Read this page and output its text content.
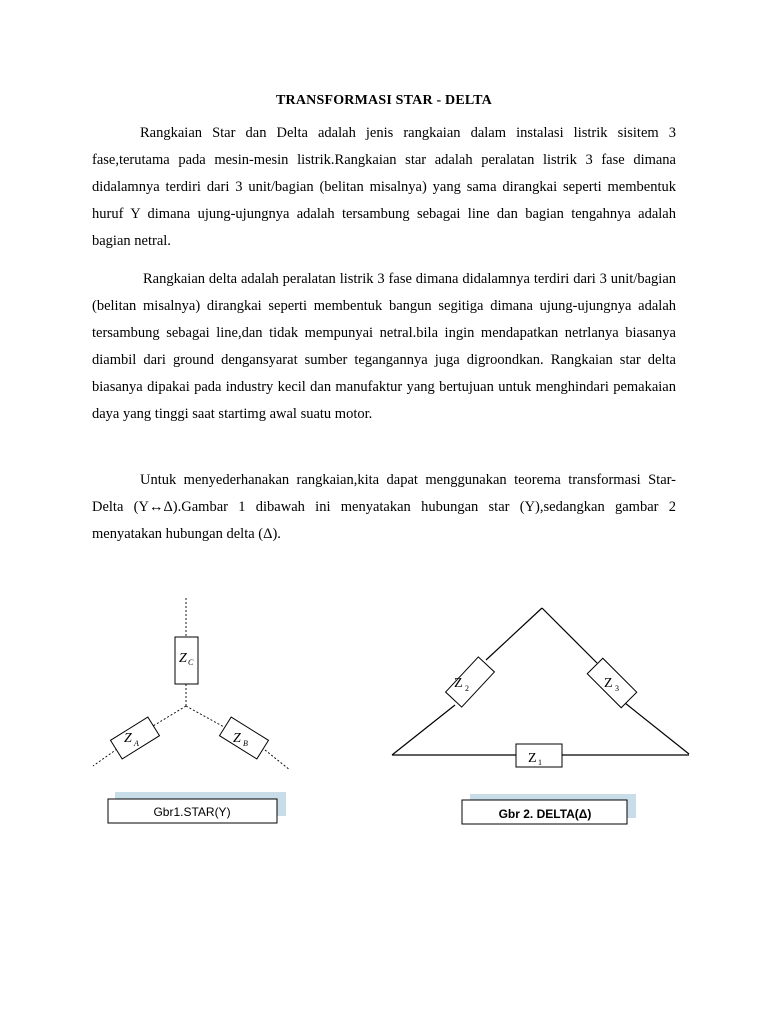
TRANSFORMASI STAR - DELTA

Rangkaian Star dan Delta adalah jenis rangkaian dalam instalasi listrik sisitem 3 fase,terutama pada mesin-mesin listrik.Rangkaian star adalah peralatan listrik 3 fase dimana didalamnya terdiri dari 3 unit/bagian (belitan misalnya) yang sama dirangkai seperti membentuk huruf Y dimana ujung-ujungnya adalah tersambung sebagai line dan bagian tengahnya adalah bagian netral.

Rangkaian delta adalah peralatan listrik 3 fase dimana didalamnya terdiri dari 3 unit/bagian (belitan misalnya) dirangkai seperti membentuk bangun segitiga dimana ujung-ujungnya adalah tersambung sebagai line,dan tidak mempunyai netral.bila ingin mendapatkan netrlanya biasanya diambil dari ground dengansyarat sumber tegangannya juga digroondkan. Rangkaian star delta biasanya dipakai pada industry kecil dan manufaktur yang bertujuan untuk menghindari pemakaian daya yang tinggi saat startimg awal suatu motor.

Untuk menyederhanakan rangkaian,kita dapat menggunakan teorema transformasi Star-Delta (Y↔Δ).Gambar 1 dibawah ini menyatakan hubungan star (Y),sedangkan gambar 2 menyatakan hubungan delta (Δ).

Z C
Z A	Z B
Gbr1.STAR(Y)
Z 2	Z 3
Z 1
Gbr 2. DELTA(Δ)
